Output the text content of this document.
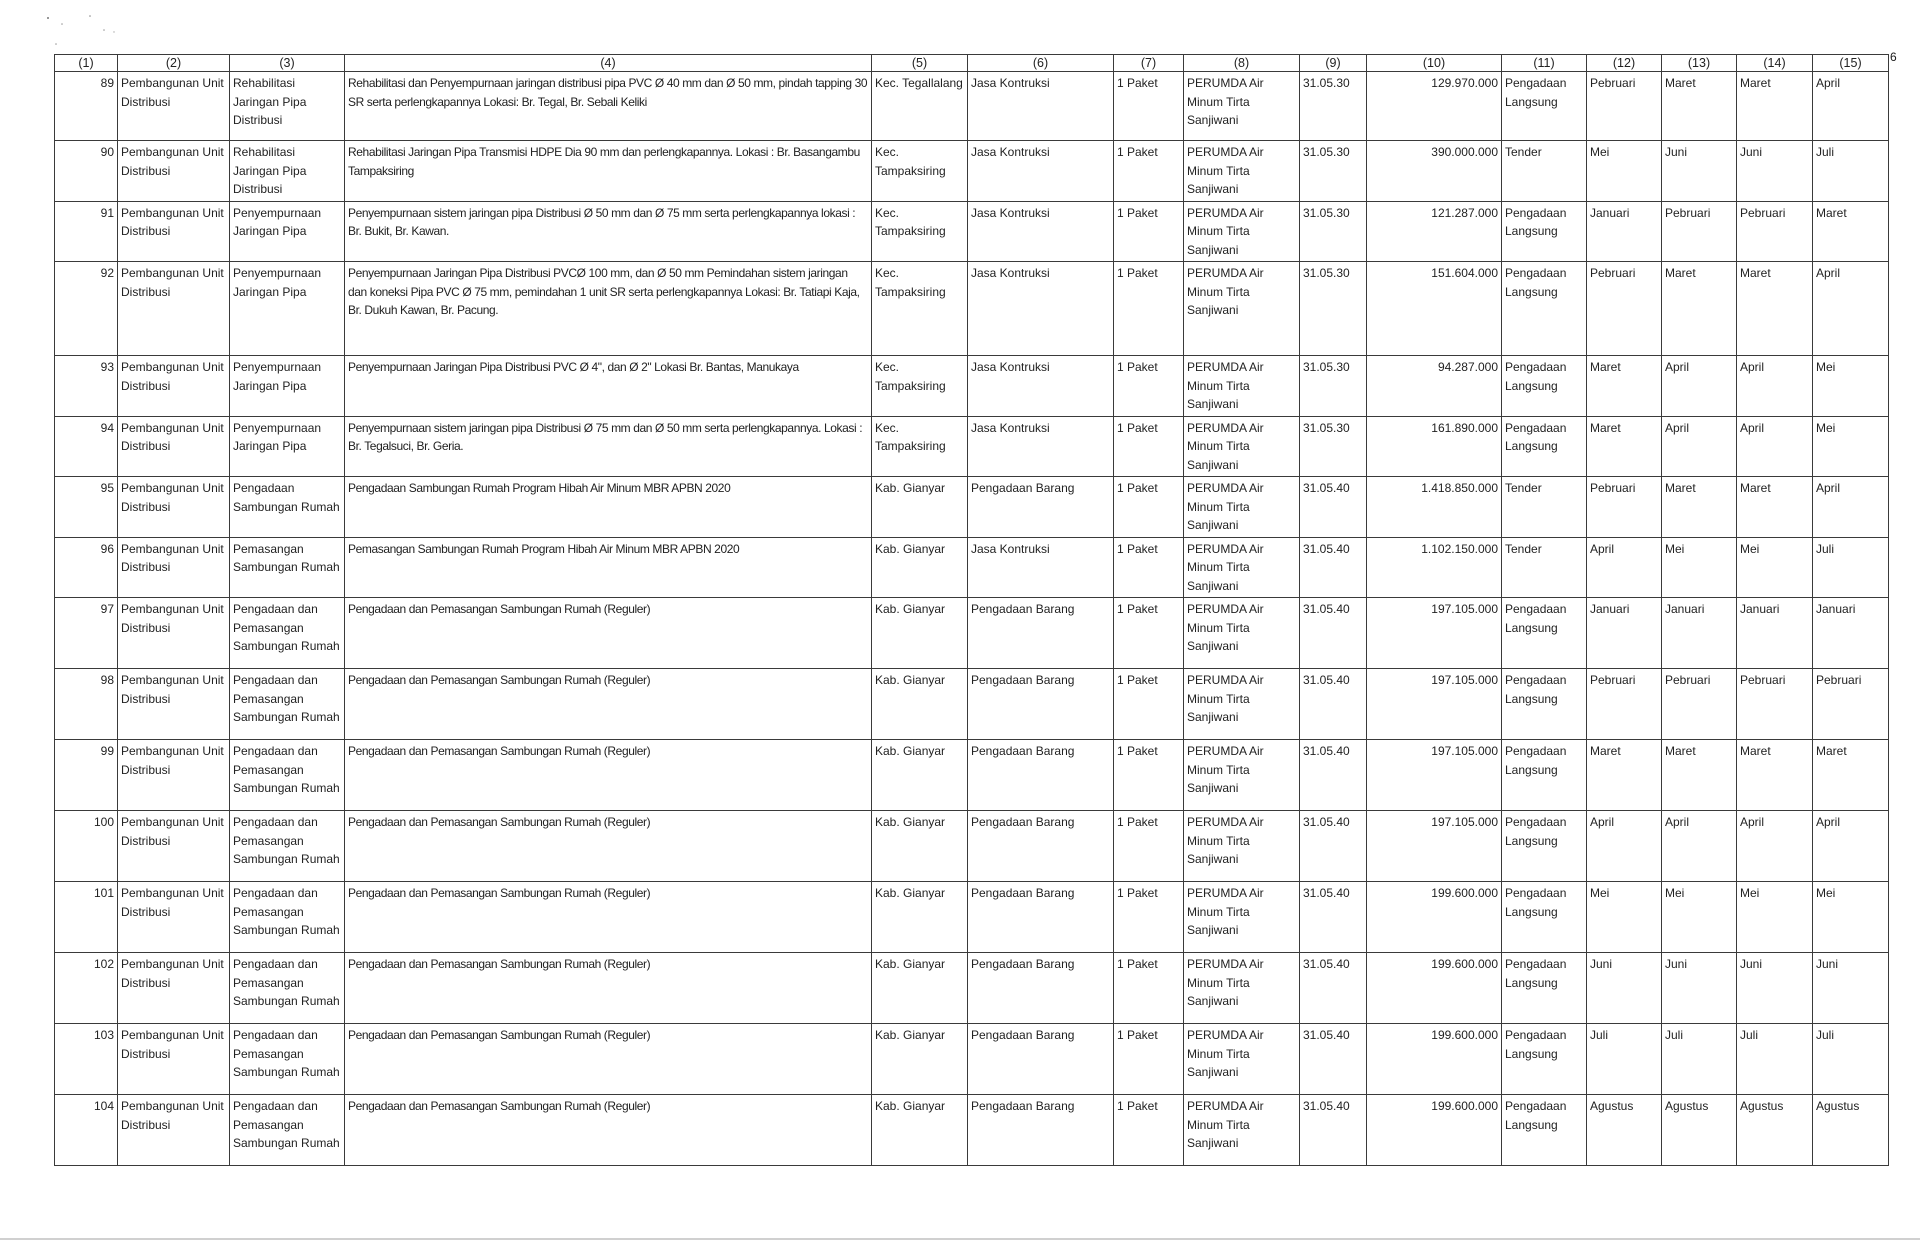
6
(1)	(2)	(3)	(4)	(5)	(6)	(7)	(8)	(9)	(10)	(11)	(12)	(13)	(14)	(15)
89	Pembangunan Unit Distribusi	Rehabilitasi Jaringan Pipa Distribusi	Rehabilitasi dan Penyempurnaan jaringan distribusi pipa PVC Ø 40 mm dan Ø 50 mm, pindah tapping 30 SR serta perlengkapannya Lokasi: Br. Tegal, Br. Sebali Keliki	Kec. Tegallalang	Jasa Kontruksi	1 Paket	PERUMDA Air Minum Tirta Sanjiwani	31.05.30	129.970.000	Pengadaan Langsung	Pebruari	Maret	Maret	April
90	Pembangunan Unit Distribusi	Rehabilitasi Jaringan Pipa Distribusi	Rehabilitasi Jaringan Pipa Transmisi HDPE Dia 90 mm dan perlengkapannya. Lokasi : Br. Basangambu Tampaksiring	Kec. Tampaksiring	Jasa Kontruksi	1 Paket	PERUMDA Air Minum Tirta Sanjiwani	31.05.30	390.000.000	Tender	Mei	Juni	Juni	Juli
91	Pembangunan Unit Distribusi	Penyempurnaan Jaringan Pipa	Penyempurnaan sistem jaringan pipa Distribusi Ø 50 mm dan Ø 75 mm serta perlengkapannya lokasi : Br. Bukit, Br. Kawan.	Kec. Tampaksiring	Jasa Kontruksi	1 Paket	PERUMDA Air Minum Tirta Sanjiwani	31.05.30	121.287.000	Pengadaan Langsung	Januari	Pebruari	Pebruari	Maret
92	Pembangunan Unit Distribusi	Penyempurnaan Jaringan Pipa	Penyempurnaan Jaringan Pipa Distribusi PVCØ 100 mm, dan Ø 50 mm Pemindahan sistem jaringan dan koneksi Pipa PVC Ø 75 mm, pemindahan 1 unit SR serta perlengkapannya Lokasi: Br. Tatiapi Kaja, Br. Dukuh Kawan, Br. Pacung.	Kec. Tampaksiring	Jasa Kontruksi	1 Paket	PERUMDA Air Minum Tirta Sanjiwani	31.05.30	151.604.000	Pengadaan Langsung	Pebruari	Maret	Maret	April
93	Pembangunan Unit Distribusi	Penyempurnaan Jaringan Pipa	Penyempurnaan Jaringan Pipa Distribusi PVC Ø 4", dan Ø 2" Lokasi Br. Bantas, Manukaya	Kec. Tampaksiring	Jasa Kontruksi	1 Paket	PERUMDA Air Minum Tirta Sanjiwani	31.05.30	94.287.000	Pengadaan Langsung	Maret	April	April	Mei
94	Pembangunan Unit Distribusi	Penyempurnaan Jaringan Pipa	Penyempurnaan sistem jaringan pipa Distribusi Ø 75 mm dan Ø 50 mm serta perlengkapannya. Lokasi : Br. Tegalsuci, Br. Geria.	Kec. Tampaksiring	Jasa Kontruksi	1 Paket	PERUMDA Air Minum Tirta Sanjiwani	31.05.30	161.890.000	Pengadaan Langsung	Maret	April	April	Mei
95	Pembangunan Unit Distribusi	Pengadaan Sambungan Rumah	Pengadaan Sambungan Rumah Program Hibah Air Minum MBR APBN 2020	Kab. Gianyar	Pengadaan Barang	1 Paket	PERUMDA Air Minum Tirta Sanjiwani	31.05.40	1.418.850.000	Tender	Pebruari	Maret	Maret	April
96	Pembangunan Unit Distribusi	Pemasangan Sambungan Rumah	Pemasangan Sambungan Rumah Program Hibah Air Minum MBR APBN 2020	Kab. Gianyar	Jasa Kontruksi	1 Paket	PERUMDA Air Minum Tirta Sanjiwani	31.05.40	1.102.150.000	Tender	April	Mei	Mei	Juli
97	Pembangunan Unit Distribusi	Pengadaan dan Pemasangan Sambungan Rumah	Pengadaan dan Pemasangan Sambungan Rumah (Reguler)	Kab. Gianyar	Pengadaan Barang	1 Paket	PERUMDA Air Minum Tirta Sanjiwani	31.05.40	197.105.000	Pengadaan Langsung	Januari	Januari	Januari	Januari
98	Pembangunan Unit Distribusi	Pengadaan dan Pemasangan Sambungan Rumah	Pengadaan dan Pemasangan Sambungan Rumah (Reguler)	Kab. Gianyar	Pengadaan Barang	1 Paket	PERUMDA Air Minum Tirta Sanjiwani	31.05.40	197.105.000	Pengadaan Langsung	Pebruari	Pebruari	Pebruari	Pebruari
99	Pembangunan Unit Distribusi	Pengadaan dan Pemasangan Sambungan Rumah	Pengadaan dan Pemasangan Sambungan Rumah (Reguler)	Kab. Gianyar	Pengadaan Barang	1 Paket	PERUMDA Air Minum Tirta Sanjiwani	31.05.40	197.105.000	Pengadaan Langsung	Maret	Maret	Maret	Maret
100	Pembangunan Unit Distribusi	Pengadaan dan Pemasangan Sambungan Rumah	Pengadaan dan Pemasangan Sambungan Rumah (Reguler)	Kab. Gianyar	Pengadaan Barang	1 Paket	PERUMDA Air Minum Tirta Sanjiwani	31.05.40	197.105.000	Pengadaan Langsung	April	April	April	April
101	Pembangunan Unit Distribusi	Pengadaan dan Pemasangan Sambungan Rumah	Pengadaan dan Pemasangan Sambungan Rumah (Reguler)	Kab. Gianyar	Pengadaan Barang	1 Paket	PERUMDA Air Minum Tirta Sanjiwani	31.05.40	199.600.000	Pengadaan Langsung	Mei	Mei	Mei	Mei
102	Pembangunan Unit Distribusi	Pengadaan dan Pemasangan Sambungan Rumah	Pengadaan dan Pemasangan Sambungan Rumah (Reguler)	Kab. Gianyar	Pengadaan Barang	1 Paket	PERUMDA Air Minum Tirta Sanjiwani	31.05.40	199.600.000	Pengadaan Langsung	Juni	Juni	Juni	Juni
103	Pembangunan Unit Distribusi	Pengadaan dan Pemasangan Sambungan Rumah	Pengadaan dan Pemasangan Sambungan Rumah (Reguler)	Kab. Gianyar	Pengadaan Barang	1 Paket	PERUMDA Air Minum Tirta Sanjiwani	31.05.40	199.600.000	Pengadaan Langsung	Juli	Juli	Juli	Juli
104	Pembangunan Unit Distribusi	Pengadaan dan Pemasangan Sambungan Rumah	Pengadaan dan Pemasangan Sambungan Rumah (Reguler)	Kab. Gianyar	Pengadaan Barang	1 Paket	PERUMDA Air Minum Tirta Sanjiwani	31.05.40	199.600.000	Pengadaan Langsung	Agustus	Agustus	Agustus	Agustus
